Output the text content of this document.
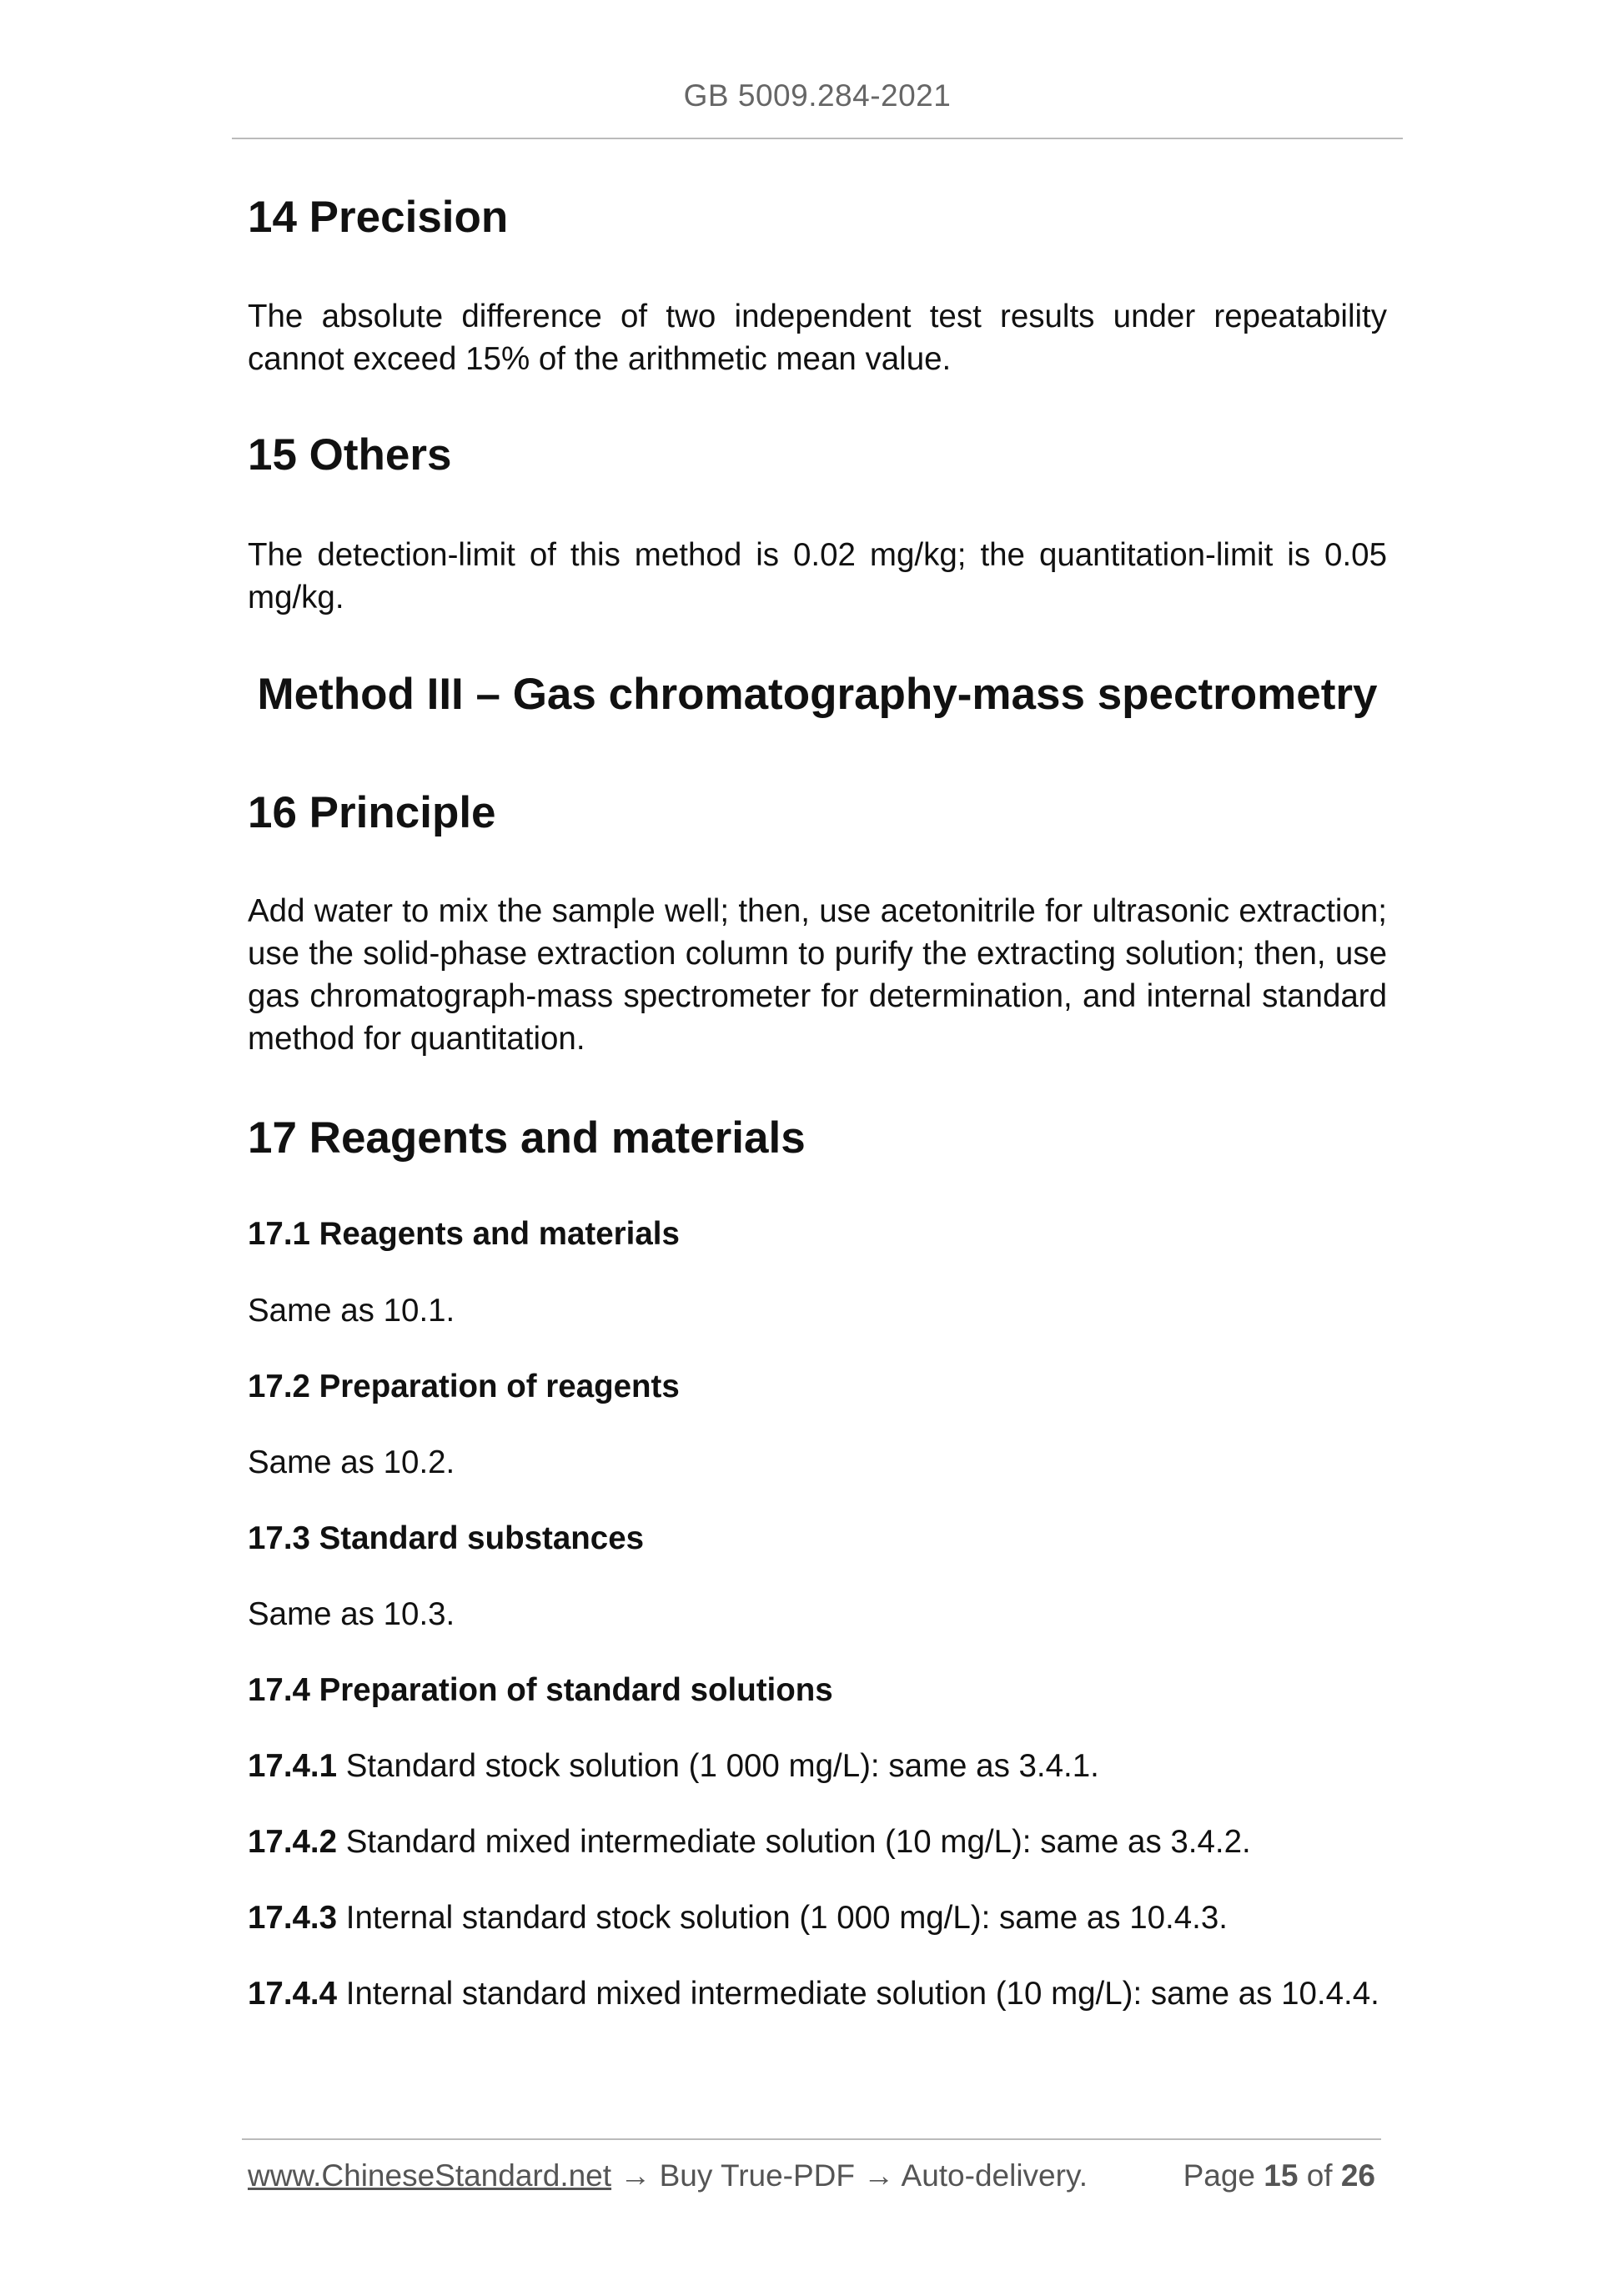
GB 5009.284-2021
14 Precision
The absolute difference of two independent test results under repeatability cannot exceed 15% of the arithmetic mean value.
15 Others
The detection-limit of this method is 0.02 mg/kg; the quantitation-limit is 0.05 mg/kg.
Method III – Gas chromatography-mass spectrometry
16 Principle
Add water to mix the sample well; then, use acetonitrile for ultrasonic extraction; use the solid-phase extraction column to purify the extracting solution; then, use gas chromatograph-mass spectrometer for determination, and internal standard method for quantitation.
17 Reagents and materials
17.1 Reagents and materials
Same as 10.1.
17.2 Preparation of reagents
Same as 10.2.
17.3 Standard substances
Same as 10.3.
17.4 Preparation of standard solutions
17.4.1 Standard stock solution (1 000 mg/L): same as 3.4.1.
17.4.2 Standard mixed intermediate solution (10 mg/L): same as 3.4.2.
17.4.3 Internal standard stock solution (1 000 mg/L): same as 10.4.3.
17.4.4 Internal standard mixed intermediate solution (10 mg/L): same as 10.4.4.
www.ChineseStandard.net → Buy True-PDF → Auto-delivery.	Page 15 of 26
